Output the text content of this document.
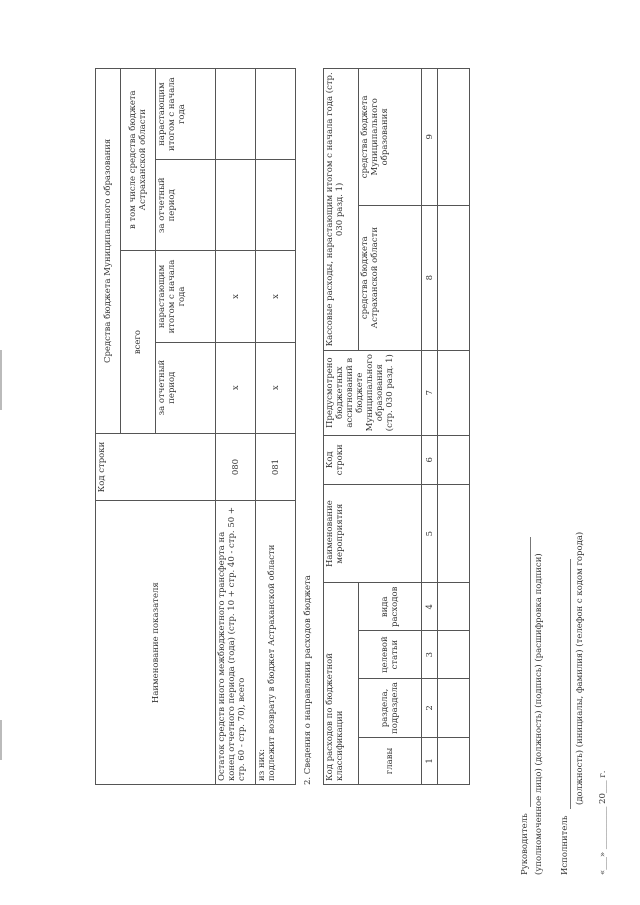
Наименование показателя	Код строки	Средства бюджета Муниципального образования			
		всего		в том числе средства бюджета Астраханской области	
		за отчетный период	нарастающим итогом с начала года	за отчетный период	нарастающим итогом с начала года
Остаток средств иного межбюджетного трансферта на конец отчетного периода (года) (стр. 10 + стр. 40 - стр. 50 + стр. 60 - стр. 70), всего	080	x	x		

из них: подлежит возврату в бюджет Астраханской области	081	x	x		
2. Сведения о направлении расходов бюджета Код расходов по бюджетной классификации				Наименование мероприятия	Код строки	Предусмотрено бюджетных ассигнований в бюджете Муниципального образования (стр. 030 разд. 1)	Кассовые расходы, нарастающим итогом с начала года (стр. 030 разд. 1)	
главы	раздела, подраздела	целевой статьи	вида расходов				средства бюджета Астраханской области	средства бюджета Муниципального образования
1	2	3	4	5	6	7	8	9

Руководитель (уполномоченное лицо) (должность) (подпись) (расшифровка подписи) Исполнитель
(должность) (инициалы, фамилия) (телефон с кодом города)
«___» __________ 20___ г.
